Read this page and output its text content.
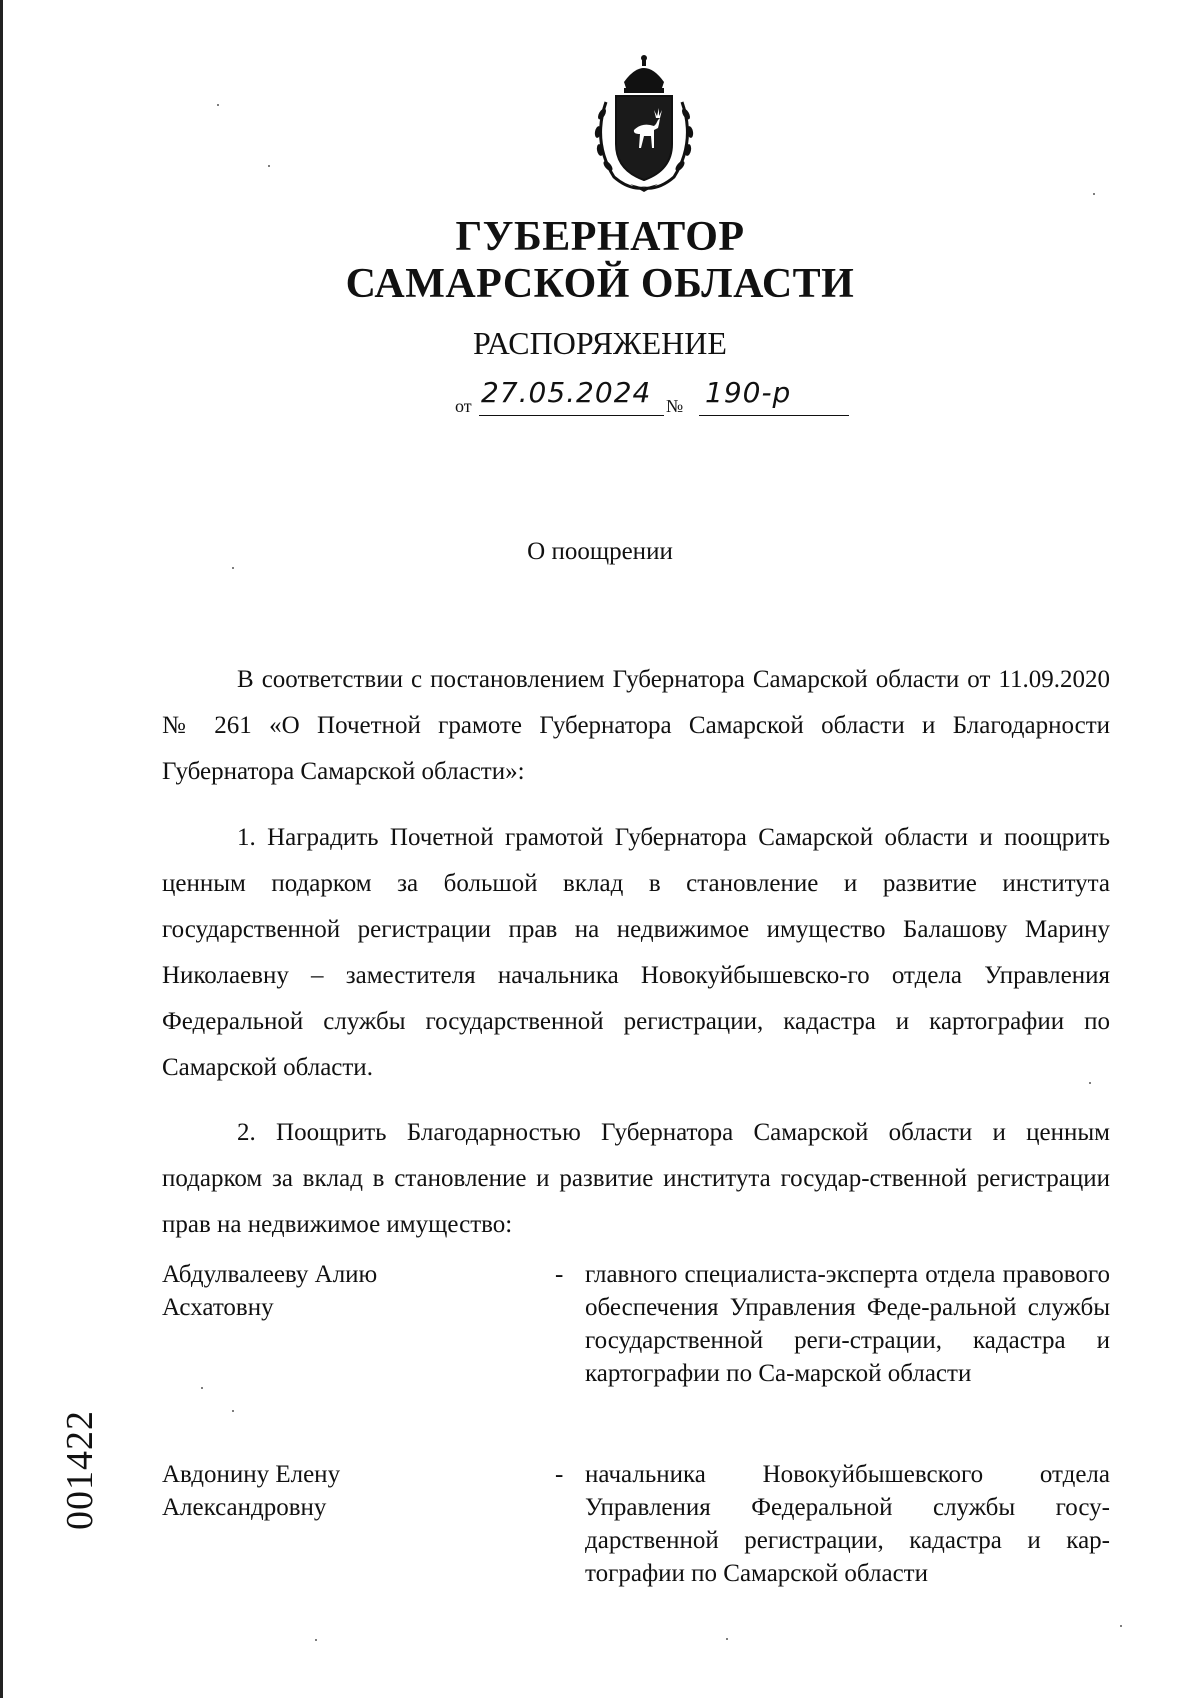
ГУБЕРНАТОР
САМАРСКОЙ ОБЛАСТИ
РАСПОРЯЖЕНИЕ
от 27.05.2024 № 190-р
О поощрении
В соответствии с постановлением Губернатора Самарской области от 11.09.2020 № 261 «О Почетной грамоте Губернатора Самарской области и Благодарности Губернатора Самарской области»:
1. Наградить Почетной грамотой Губернатора Самарской области и поощрить ценным подарком за большой вклад в становление и развитие института государственной регистрации прав на недвижимое имущество Балашову Марину Николаевну – заместителя начальника Новокуйбышевско-го отдела Управления Федеральной службы государственной регистрации, кадастра и картографии по Самарской области.
2. Поощрить Благодарностью Губернатора Самарской области и ценным подарком за вклад в становление и развитие института государ-ственной регистрации прав на недвижимое имущество:
Абдулвалееву Алию Асхатовну
- главного специалиста-эксперта отдела правового обеспечения Управления Феде-ральной службы государственной реги-страции, кадастра и картографии по Са-марской области
Авдонину Елену Александровну
- начальника Новокуйбышевского отдела Управления Федеральной службы госу-дарственной регистрации, кадастра и кар-тографии по Самарской области
001422
